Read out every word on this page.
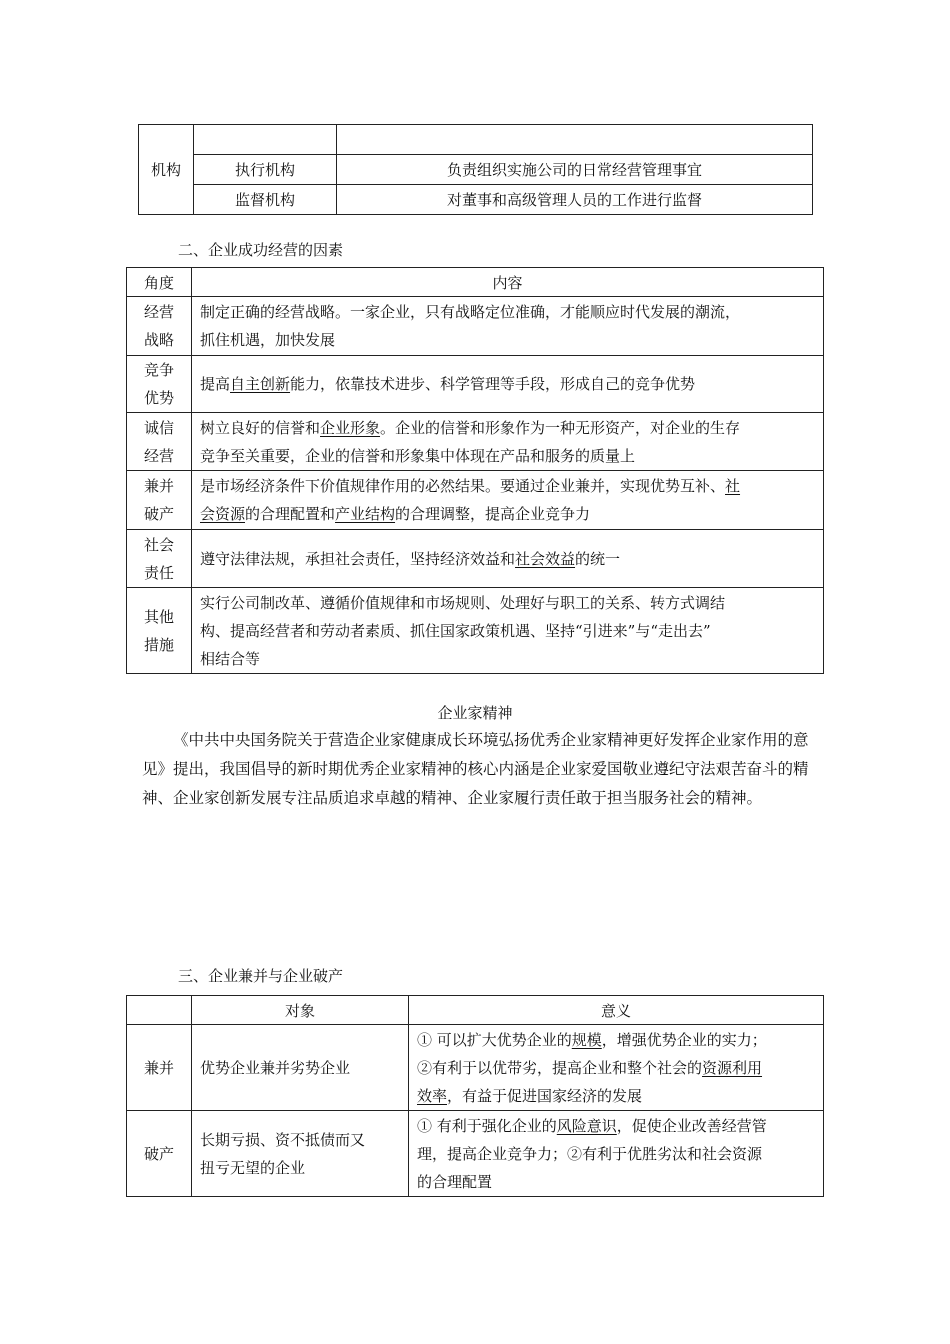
机构		
	执行机构	负责组织实施公司的日常经营管理事宜
	监督机构	对董事和高级管理人员的工作进行监督
二、企业成功经营的因素
角度	内容
经营
战略	制定正确的经营战略。一家企业，只有战略定位准确，才能顺应时代发展的潮流，
抓住机遇，加快发展
竞争
优势	提高自主创新能力，依靠技术进步、科学管理等手段，形成自己的竞争优势
诚信
经营	树立良好的信誉和企业形象。企业的信誉和形象作为一种无形资产，对企业的生存
竞争至关重要，企业的信誉和形象集中体现在产品和服务的质量上
兼并
破产	是市场经济条件下价值规律作用的必然结果。要通过企业兼并，实现优势互补、社
会资源的合理配置和产业结构的合理调整，提高企业竞争力
社会
责任	遵守法律法规，承担社会责任，坚持经济效益和社会效益的统一
其他
措施	实行公司制改革、遵循价值规律和市场规则、处理好与职工的关系、转方式调结
构、提高经营者和劳动者素质、抓住国家政策机遇、坚持“引进来”与“走出去”
相结合等
企业家精神
《中共中央国务院关于营造企业家健康成长环境弘扬优秀企业家精神更好发挥企业家作用的意见》提出，我国倡导的新时期优秀企业家精神的核心内涵是企业家爱国敬业遵纪守法艰苦奋斗的精神、企业家创新发展专注品质追求卓越的精神、企业家履行责任敢于担当服务社会的精神。
三、企业兼并与企业破产
	对象	意义
兼并	优势企业兼并劣势企业	① 可以扩大优势企业的规模，增强优势企业的实力；
②有利于以优带劣，提高企业和整个社会的资源利用
效率，有益于促进国家经济的发展
破产	长期亏损、资不抵债而又
扭亏无望的企业	① 有利于强化企业的风险意识，促使企业改善经营管
理，提高企业竞争力；②有利于优胜劣汰和社会资源
的合理配置
